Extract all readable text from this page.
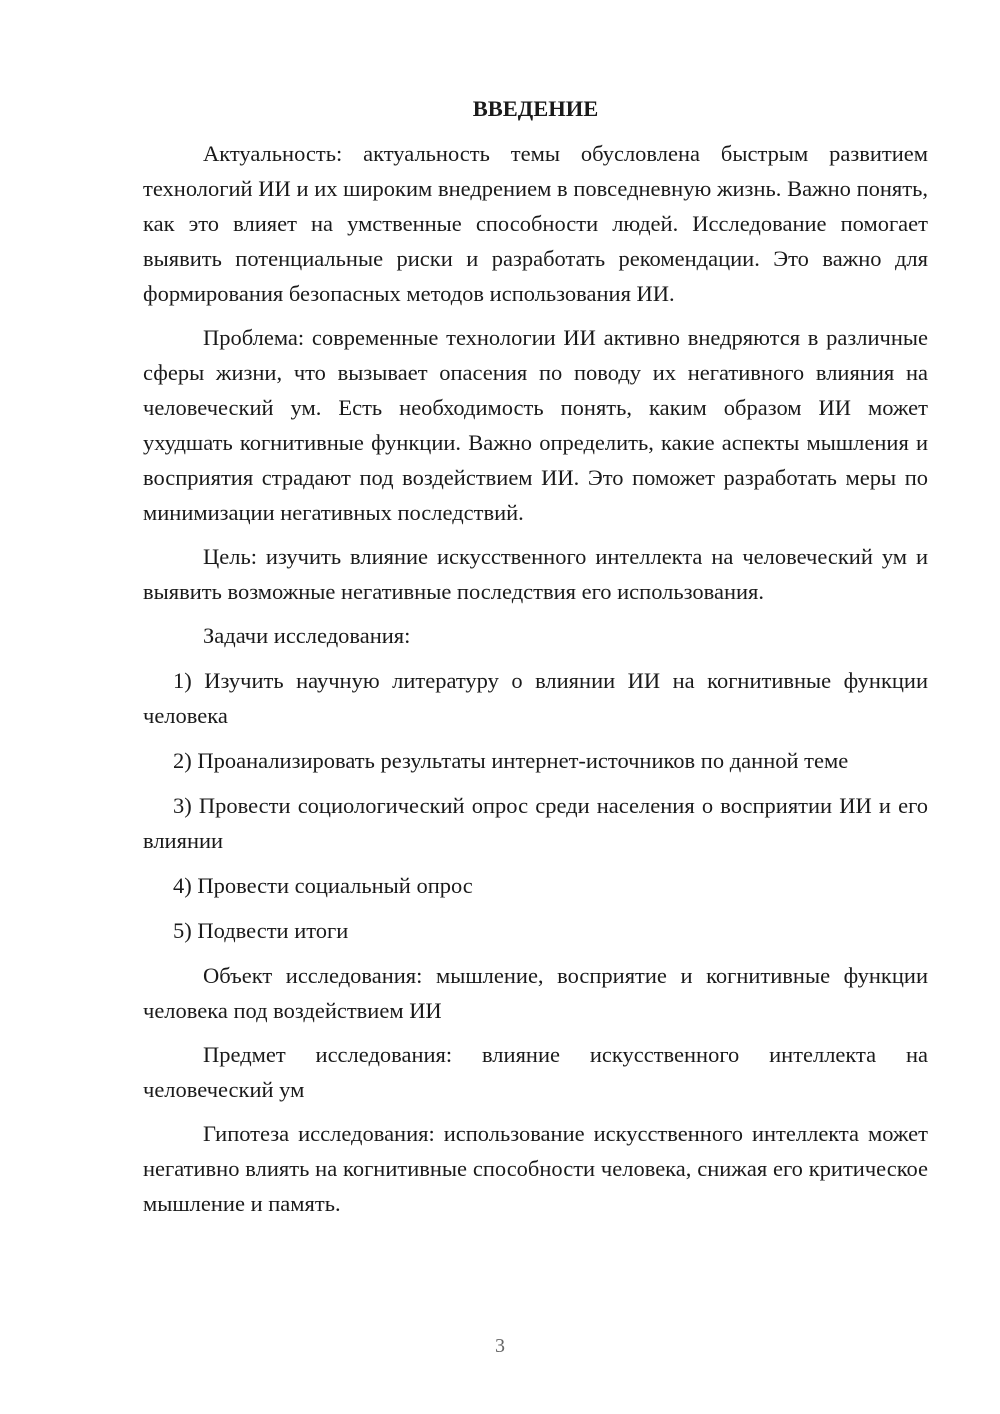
ВВЕДЕНИЕ

Актуальность: актуальность темы обусловлена быстрым развитием технологий ИИ и их широким внедрением в повседневную жизнь. Важно понять, как это влияет на умственные способности людей. Исследование помогает выявить потенциальные риски и разработать рекомендации. Это важно для формирования безопасных методов использования ИИ.

Проблема: современные технологии ИИ активно внедряются в различные сферы жизни, что вызывает опасения по поводу их негативного влияния на человеческий ум. Есть необходимость понять, каким образом ИИ может ухудшать когнитивные функции. Важно определить, какие аспекты мышления и восприятия страдают под воздействием ИИ. Это поможет разработать меры по минимизации негативных последствий.

Цель: изучить влияние искусственного интеллекта на человеческий ум и выявить возможные негативные последствия его использования.

Задачи исследования:

1) Изучить научную литературу о влиянии ИИ на когнитивные функции человека

2) Проанализировать результаты интернет-источников по данной теме

3) Провести социологический опрос среди населения о восприятии ИИ и его влиянии

4) Провести социальный опрос

5) Подвести итоги

Объект исследования: мышление, восприятие и когнитивные функции человека под воздействием ИИ

Предмет исследования: влияние искусственного интеллекта на человеческий ум

Гипотеза исследования: использование искусственного интеллекта может негативно влиять на когнитивные способности человека, снижая его критическое мышление и память.

3
